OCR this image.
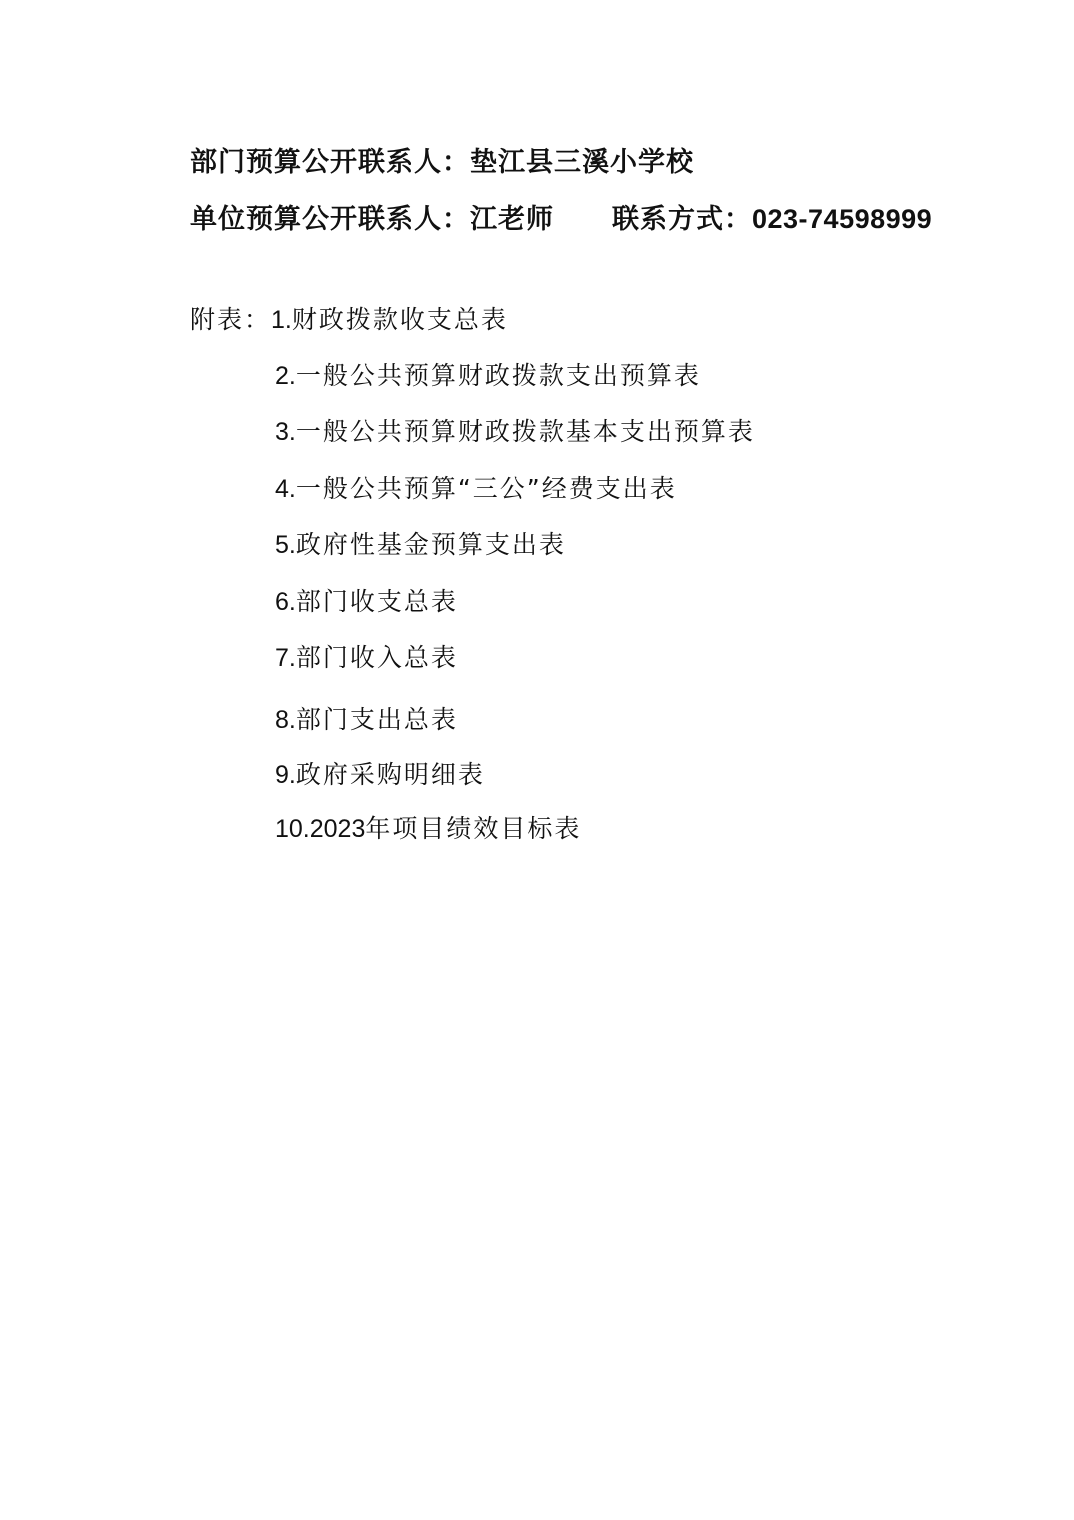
部门预算公开联系人：垫江县三溪小学校
单位预算公开联系人：江老师 联系方式：023-74598999
附表：1.财政拨款收支总表
2.一般公共预算财政拨款支出预算表
3.一般公共预算财政拨款基本支出预算表
4.一般公共预算“三公”经费支出表
5.政府性基金预算支出表
6.部门收支总表
7.部门收入总表
8.部门支出总表
9.政府采购明细表
10.2023年项目绩效目标表
